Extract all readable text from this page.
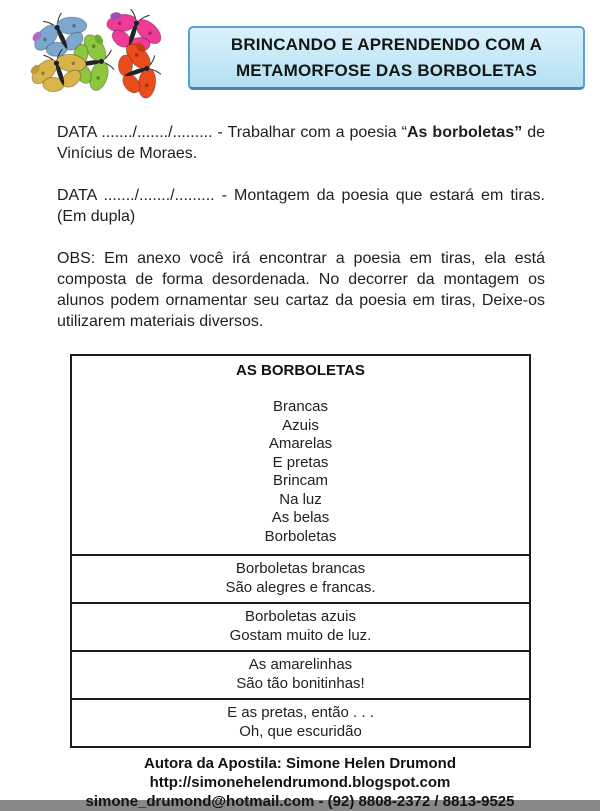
BRINCANDO E APRENDENDO COM A
METAMORFOSE DAS BORBOLETAS

DATA ......./......./......... - Trabalhar com a poesia “As borboletas” de Vinícius de Moraes.

DATA ......./......./......... - Montagem da poesia que estará em tiras. (Em dupla)

OBS: Em anexo você irá encontrar a poesia em tiras, ela está composta de forma desordenada. No decorrer da montagem os alunos podem ornamentar seu cartaz da poesia em tiras, Deixe-os utilizarem materiais diversos.

AS BORBOLETAS
Brancas
Azuis
Amarelas
E pretas
Brincam
Na luz
As belas
Borboletas
Borboletas brancas
São alegres e francas.
Borboletas azuis
Gostam muito de luz.
As amarelinhas
São tão bonitinhas!
E as pretas, então . . .
Oh, que escuridão
Autora da Apostila: Simone Helen Drumond
http://simonehelendrumond.blogspot.com
simone_drumond@hotmail.com - (92) 8808-2372 / 8813-9525
